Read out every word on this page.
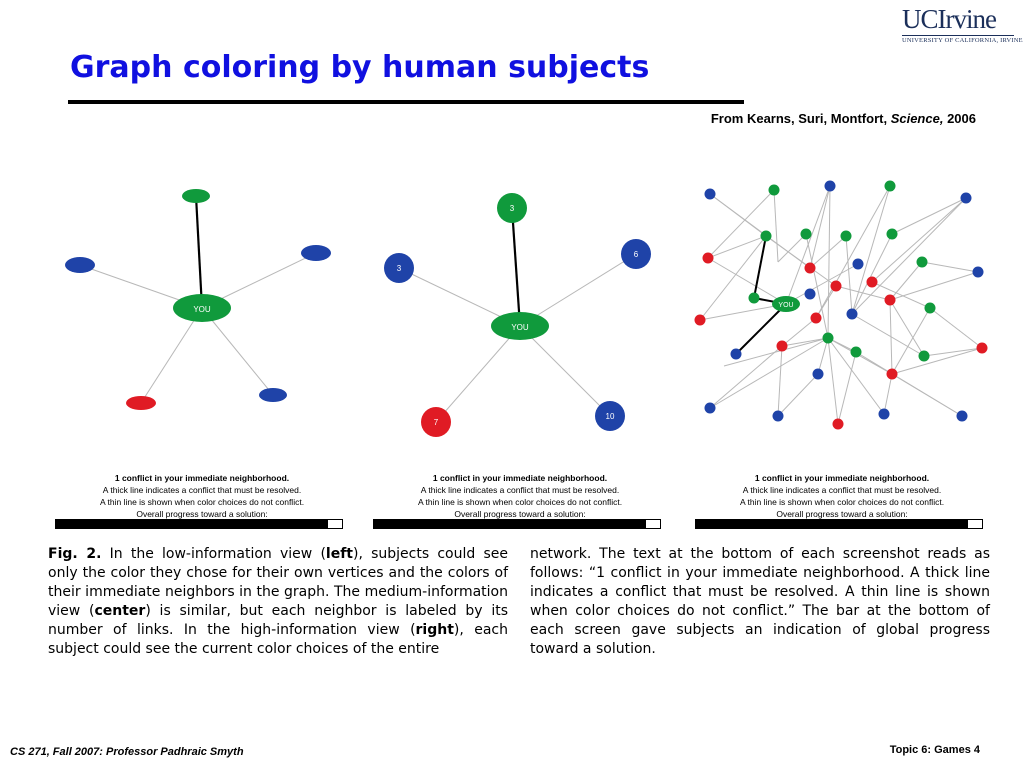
Graph coloring by human subjects
From Kearns, Suri, Montfort, Science, 2006
UCIrvine
UNIVERSITY OF CALIFORNIA, IRVINE
YOU
1 conflict in your immediate neighborhood.
A thick line indicates a conflict that must be resolved.
A thin line is shown when color choices do not conflict.
Overall progress toward a solution:
3
3
6
7
10
YOU
1 conflict in your immediate neighborhood.
A thick line indicates a conflict that must be resolved.
A thin line is shown when color choices do not conflict.
Overall progress toward a solution:
YOU
1 conflict in your immediate neighborhood.
A thick line indicates a conflict that must be resolved.
A thin line is shown when color choices do not conflict.
Overall progress toward a solution:
Fig. 2. In the low-information view (left), subjects could see only the color they chose for their own vertices and the colors of their immediate neighbors in the graph. The medium-information view (center) is similar, but each neighbor is labeled by its number of links. In the high-information view (right), each subject could see the current color choices of the entire
network. The text at the bottom of each screenshot reads as follows: “1 conflict in your immediate neighborhood. A thick line indicates a conflict that must be resolved. A thin line is shown when color choices do not conflict.” The bar at the bottom of each screen gave subjects an indication of global progress toward a solution.
CS 271, Fall 2007: Professor Padhraic Smyth	Topic 6: Games 4
